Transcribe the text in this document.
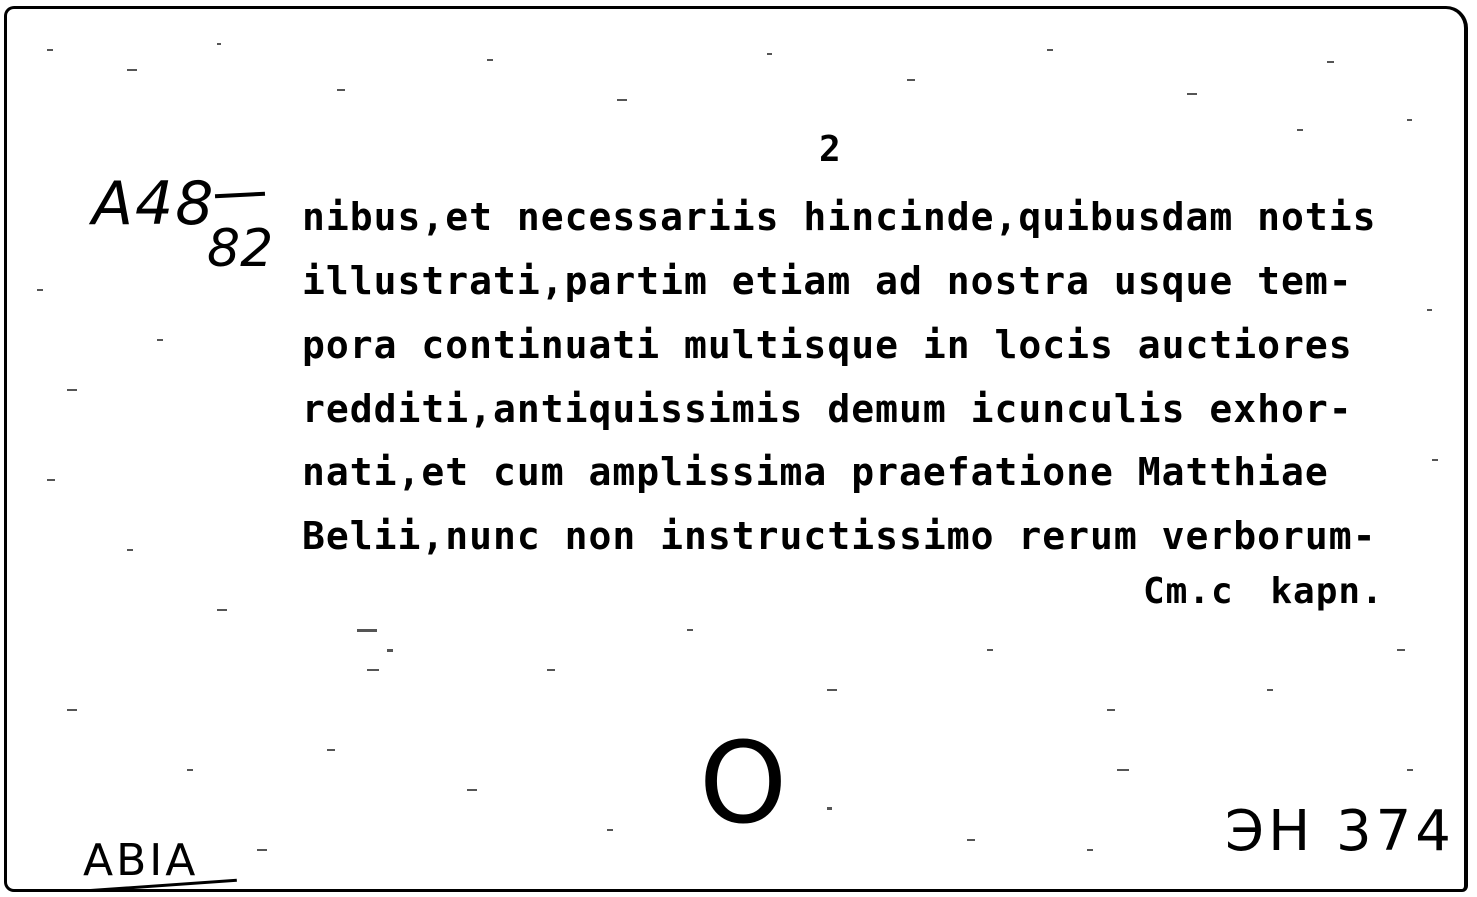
2
А48
82
nibus,et necessariis hincinde,quibusdam notis
illustrati,partim etiam ad nostra usque tem-
pora continuati multisque in locis auctiores
redditi,antiquissimis demum icunculis exhor-
nati,et cum amplissima praefatione Matthiae
Belii,nunc non instructissimo rerum verborum-
Cm.c kapn.
O	ЭН 374
ABIA
